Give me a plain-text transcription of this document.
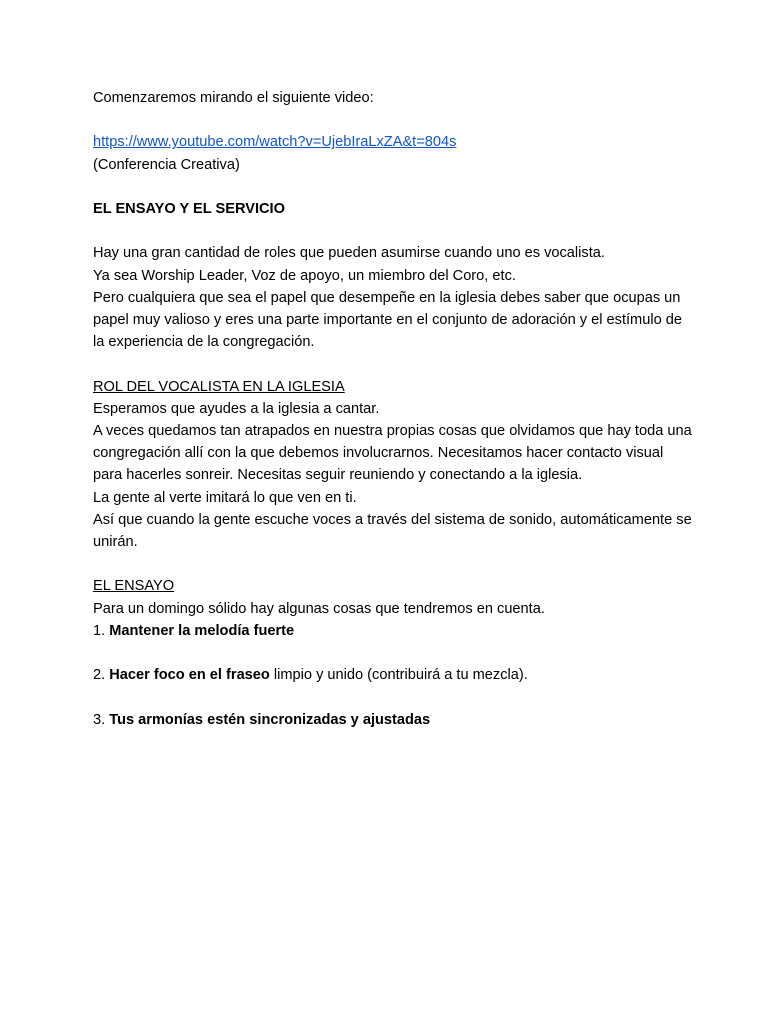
Comenzaremos mirando el siguiente video:

https://www.youtube.com/watch?v=UjebIraLxZA&t=804s

(Conferencia Creativa)

EL ENSAYO Y EL SERVICIO

Hay una gran cantidad de roles que pueden asumirse cuando uno es vocalista.

Ya sea Worship Leader, Voz de apoyo, un miembro del Coro, etc.

Pero cualquiera que sea el papel que desempeñe en la iglesia debes saber que ocupas un papel muy valioso y eres una parte importante en el conjunto de adoración y el estímulo de la experiencia de la congregación.

ROL DEL VOCALISTA EN LA IGLESIA

Esperamos que ayudes a la iglesia a cantar.

A veces quedamos tan atrapados en nuestra propias cosas que olvidamos que hay toda una congregación allí con la que debemos involucrarnos. Necesitamos hacer contacto visual para hacerles sonreir. Necesitas seguir reuniendo y conectando a la iglesia.

La gente al verte imitará lo que ven en ti.

Así que cuando la gente escuche voces a través del sistema de sonido, automáticamente se unirán.

EL ENSAYO

Para un domingo sólido hay algunas cosas que tendremos en cuenta.

1. Mantener la melodía fuerte

2. Hacer foco en el fraseo limpio y unido (contribuirá a tu mezcla).

3. Tus armonías estén sincronizadas y ajustadas
